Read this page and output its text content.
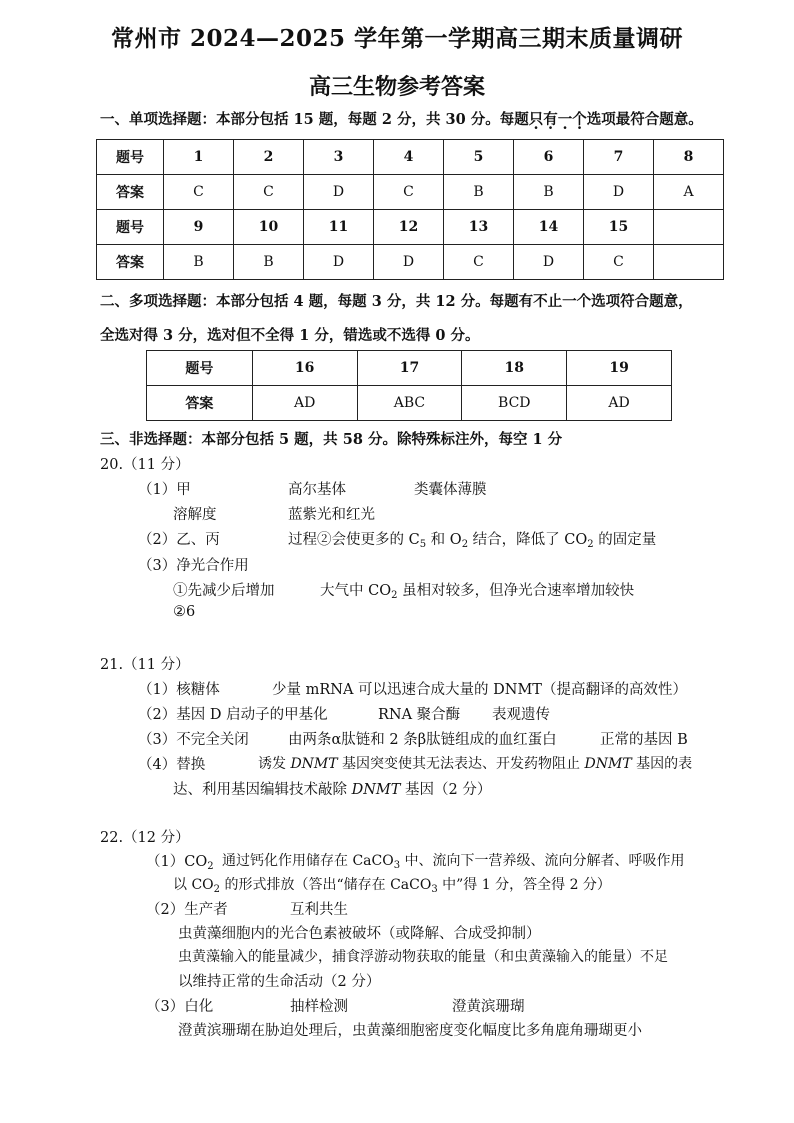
常州市 2024—2025 学年第一学期高三期末质量调研
高三生物参考答案
一、单项选择题：本部分包括 15 题，每题 2 分，共 30 分。每题只有一个选项最符合题意。
题号	1	2	3	4	5	6	7	8
答案	C	C	D	C	B	B	D	A
题号	9	10	11	12	13	14	15	
答案	B	B	D	D	C	D	C	
二、多项选择题：本部分包括 4 题，每题 3 分，共 12 分。每题有不止一个选项符合题意，
全选对得 3 分，选对但不全得 1 分，错选或不选得 0 分。
题号	16	17	18	19
答案	AD	ABC	BCD	AD
三、非选择题：本部分包括 5 题，共 58 分。除特殊标注外，每空 1 分
20.（11 分）
（1）甲	高尔基体	类囊体薄膜
溶解度	蓝紫光和红光
（2）乙、丙	过程②会使更多的 $C_5$ 和 $O_2$ 结合，降低了 $CO_2$ 的固定量
（3）净光合作用
①先减少后增加	大气中 $CO_2$ 虽相对较多，但净光合速率增加较快
②6
21.（11 分）
（1）核糖体	少量 mRNA 可以迅速合成大量的 DNMT（提高翻译的高效性）
（2）基因 D 启动子的甲基化	RNA 聚合酶 表观遗传
（3）不完全关闭	由两条α肽链和 2 条β肽链组成的血红蛋白	正常的基因 B
（4）替换	诱发 DNMT 基因突变使其无法表达、开发药物阻止 DNMT 基因的表
达、利用基因编辑技术敲除 DNMT 基因（2 分）
22.（12 分）
$(1)CO_2$ 通过钙化作用储存在 CaCO$_3$ 中、流向下一营养级、流向分解者、呼吸作用
以 $CO_2$ 的形式排放（答出“储存在 CaCO$_3$ 中”得 1 分，答全得 2 分）
（2）生产者	互利共生
虫黄藻细胞内的光合色素被破坏（或降解、合成受抑制）
虫黄藻输入的能量减少，捕食浮游动物获取的能量（和虫黄藻输入的能量）不足
以维持正常的生命活动（2 分）
（3）白化	抽样检测	澄黄滨珊瑚
澄黄滨珊瑚在胁迫处理后，虫黄藻细胞密度变化幅度比多角鹿角珊瑚更小
